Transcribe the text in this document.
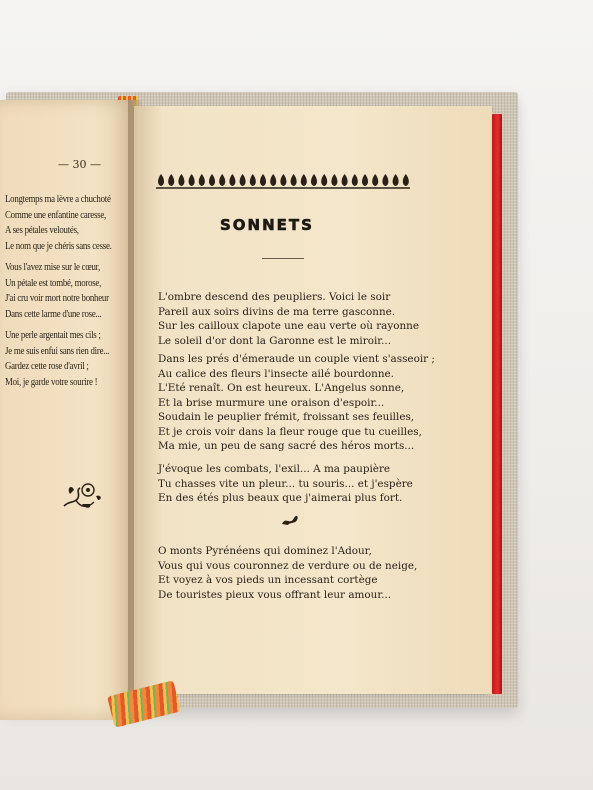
— 30 —
Longtemps ma lèvre a chuchoté
Comme une enfantine caresse,
A ses pétales veloutés,
Le nom que je chéris sans cesse.
Vous l'avez mise sur le cœur,
Un pétale est tombé, morose,
J'ai cru voir mort notre bonheur
Dans cette larme d'une rose...
Une perle argentait mes cils ;
Je me suis enfui sans rien dire...
Gardez cette rose d'avril ;
Moi, je garde votre sourire !
SONNETS
L'ombre descend des peupliers. Voici le soir
Pareil aux soirs divins de ma terre gasconne.
Sur les cailloux clapote une eau verte où rayonne
Le soleil d'or dont la Garonne est le miroir...
Dans les prés d'émeraude un couple vient s'asseoir ;
Au calice des fleurs l'insecte ailé bourdonne.
L'Eté renaît. On est heureux. L'Angelus sonne,
Et la brise murmure une oraison d'espoir...
Soudain le peuplier frémit, froissant ses feuilles,
Et je crois voir dans la fleur rouge que tu cueilles,
Ma mie, un peu de sang sacré des héros morts...
J'évoque les combats, l'exil... A ma paupière
Tu chasses vite un pleur... tu souris... et j'espère
En des étés plus beaux que j'aimerai plus fort.
O monts Pyrénéens qui dominez l'Adour,
Vous qui vous couronnez de verdure ou de neige,
Et voyez à vos pieds un incessant cortège
De touristes pieux vous offrant leur amour...
